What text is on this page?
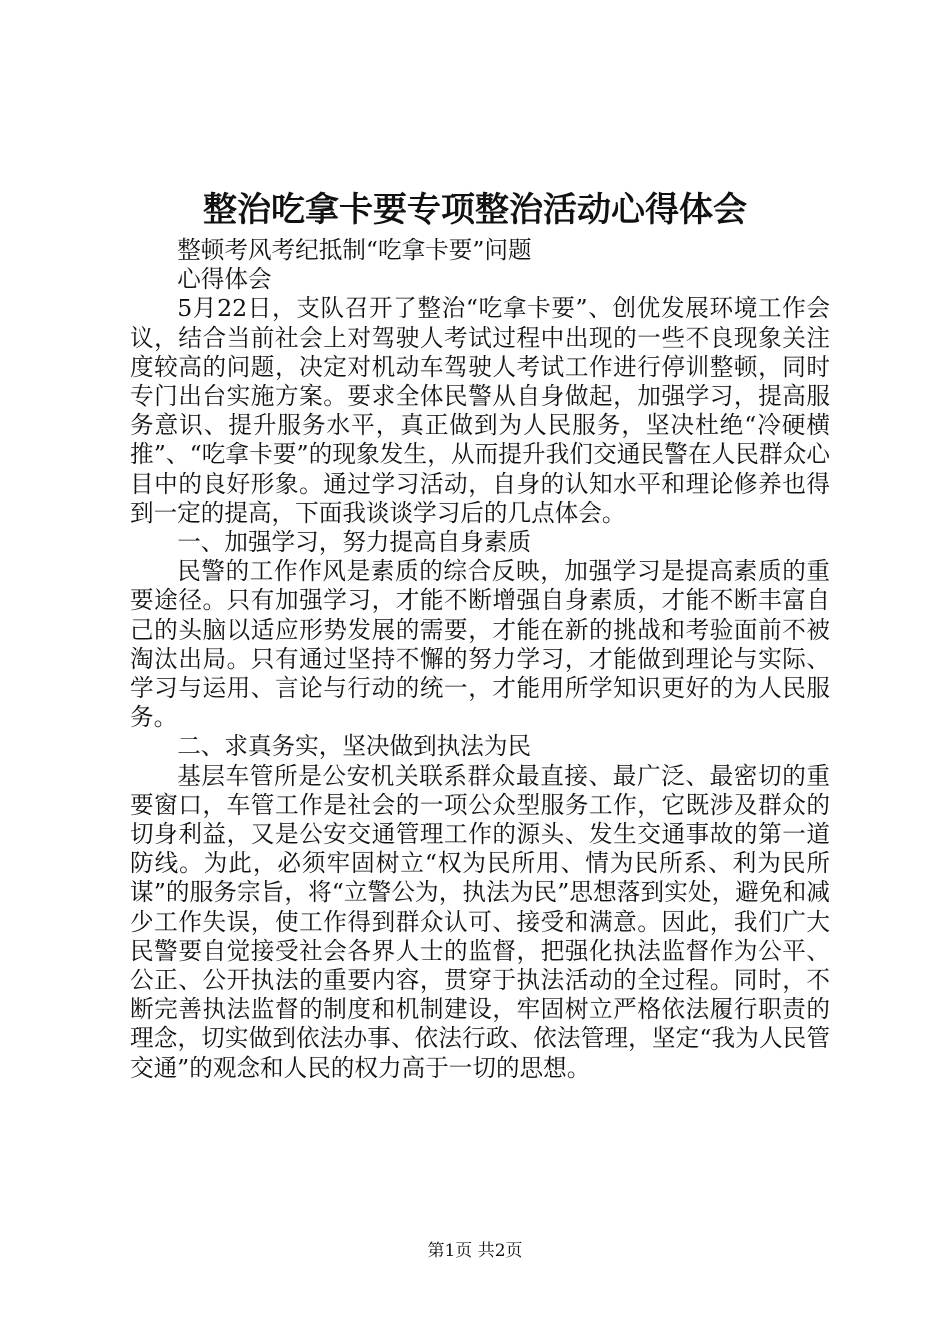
整治吃拿卡要专项整治活动心得体会

整顿考风考纪抵制“吃拿卡要”问题

心得体会

5月22日，支队召开了整治“吃拿卡要”、创优发展环境工作会议，结合当前社会上对驾驶人考试过程中出现的一些不良现象关注度较高的问题，决定对机动车驾驶人考试工作进行停训整顿，同时专门出台实施方案。要求全体民警从自身做起，加强学习，提高服务意识、提升服务水平，真正做到为人民服务，坚决杜绝“冷硬横推”、“吃拿卡要”的现象发生，从而提升我们交通民警在人民群众心目中的良好形象。通过学习活动，自身的认知水平和理论修养也得到一定的提高，下面我谈谈学习后的几点体会。

一、加强学习，努力提高自身素质

民警的工作作风是素质的综合反映，加强学习是提高素质的重要途径。只有加强学习，才能不断增强自身素质，才能不断丰富自己的头脑以适应形势发展的需要，才能在新的挑战和考验面前不被淘汰出局。只有通过坚持不懈的努力学习，才能做到理论与实际、学习与运用、言论与行动的统一，才能用所学知识更好的为人民服务。

二、求真务实，坚决做到执法为民

基层车管所是公安机关联系群众最直接、最广泛、最密切的重要窗口，车管工作是社会的一项公众型服务工作，它既涉及群众的切身利益，又是公安交通管理工作的源头、发生交通事故的第一道防线。为此，必须牢固树立“权为民所用、情为民所系、利为民所谋”的服务宗旨，将“立警公为，执法为民”思想落到实处，避免和减少工作失误，使工作得到群众认可、接受和满意。因此，我们广大民警要自觉接受社会各界人士的监督，把强化执法监督作为公平、公正、公开执法的重要内容，贯穿于执法活动的全过程。同时，不断完善执法监督的制度和机制建设，牢固树立严格依法履行职责的理念，切实做到依法办事、依法行政、依法管理，坚定“我为人民管交通”的观念和人民的权力高于一切的思想。

第1页 共2页
